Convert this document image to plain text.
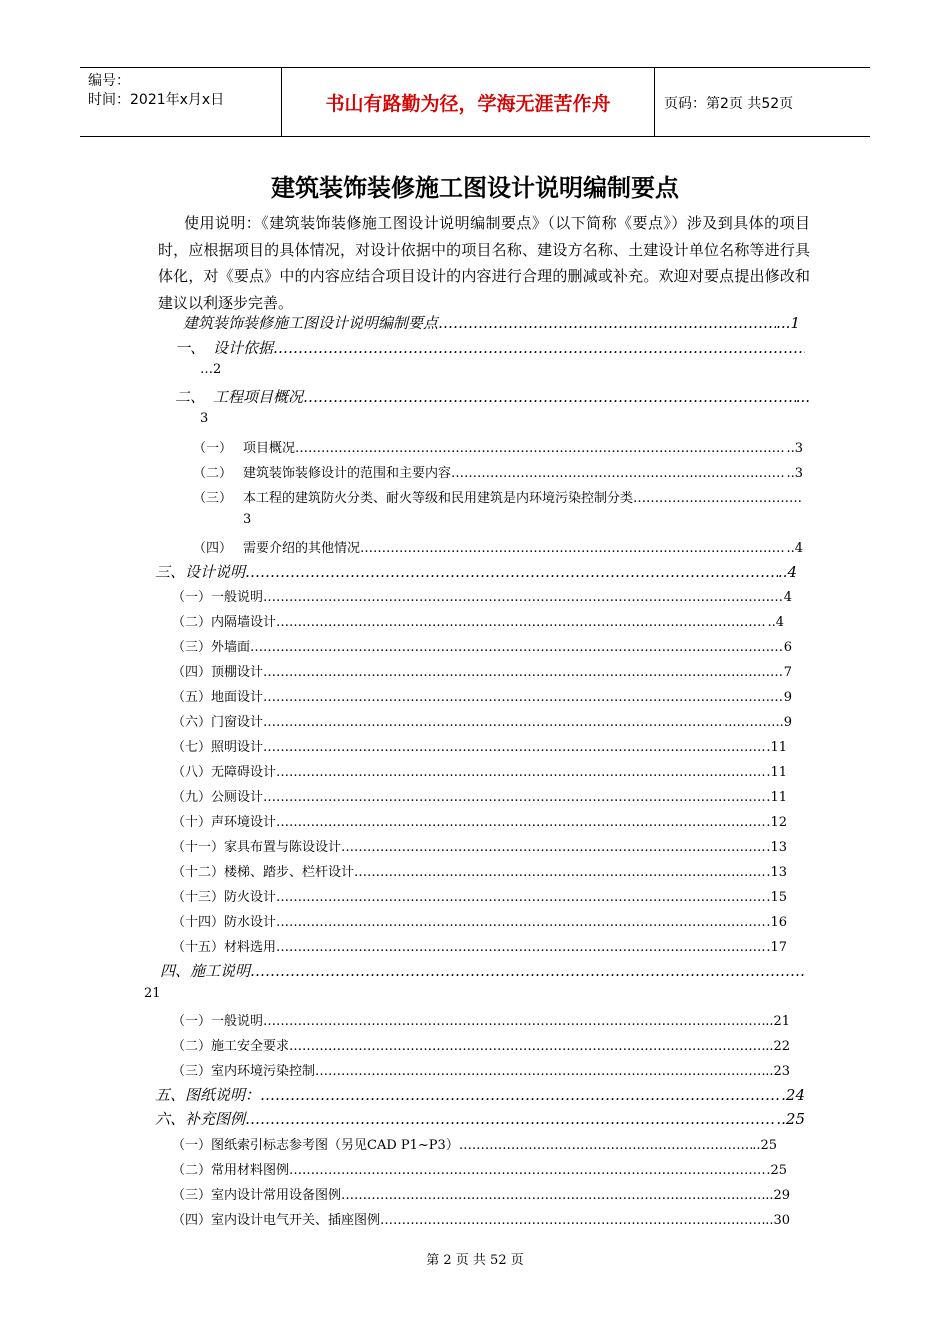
编号：
时间：2021年x月x日	书山有路勤为径，学海无涯苦作舟	页码：第2页 共52页
建筑装饰装修施工图设计说明编制要点
使用说明：《建筑装饰装修施工图设计说明编制要点》（以下简称《要点》）涉及到具体的项目时，应根据项目的具体情况，对设计依据中的项目名称、建设方名称、土建设计单位名称等进行具体化，对《要点》中的内容应结合项目设计的内容进行合理的删减或补充。欢迎对要点提出修改和建议以利逐步完善。
建筑装饰装修施工图设计说明编制要点 ………………………………………………………………………………………………………………………………………………………………………………………………………………………………………………	...1
一、 设计依据
………………………………………………………………………………………………………………………………………………………………………………………………………………………………………………
…2
二、 工程项目概况 ………………………………………………………………………………………………………………………………………………………………………………………………………………………………………………	...
3
（一） 项目概况 ………………………………………………………………………………………………………………………………………………………………………………………………………………………………………………	..3
（二） 建筑装饰装修设计的范围和主要内容 ………………………………………………………………………………………………………………………………………………………………………………………………………………………………………………	..3
（三） 本工程的建筑防火分类、耐火等级和民用建筑是内环境污染控制分类
………………………………………………………………………………………………………………………………………………………………………………………………………………………………………………
3
（四） 需要介绍的其他情况 ………………………………………………………………………………………………………………………………………………………………………………………………………………………………………………	..4
三、设计说明 ………………………………………………………………………………………………………………………………………………………………………………………………………………………………………………	..4
（一）一般说明 ………………………………………………………………………………………………………………………………………………………………………………………………………………………………………………	4
（二）内隔墙设计 ………………………………………………………………………………………………………………………………………………………………………………………………………………………………………………	..4
（三）外墙面 ………………………………………………………………………………………………………………………………………………………………………………………………………………………………………………	6
（四）顶棚设计 ………………………………………………………………………………………………………………………………………………………………………………………………………………………………………………	7
（五）地面设计 ………………………………………………………………………………………………………………………………………………………………………………………………………………………………………………	9
（六）门窗设计 ………………………………………………………………………………………………………………………………………………………………………………………………………………………………………………	...………..9
（七）照明设计 ………………………………………………………………………………………………………………………………………………………………………………………………………………………………………………	.11
（八）无障碍设计 ………………………………………………………………………………………………………………………………………………………………………………………………………………………………………………	.11
（九）公厕设计 ………………………………………………………………………………………………………………………………………………………………………………………………………………………………………………	.11
（十）声环境设计 ………………………………………………………………………………………………………………………………………………………………………………………………………………………………………………	.12
（十一）家具布置与陈设设计 ………………………………………………………………………………………………………………………………………………………………………………………………………………………………………………	.13
（十二）楼梯、踏步、栏杆设计 ………………………………………………………………………………………………………………………………………………………………………………………………………………………………………………	.13
（十三）防火设计 ………………………………………………………………………………………………………………………………………………………………………………………………………………………………………………	.15
（十四）防水设计 ………………………………………………………………………………………………………………………………………………………………………………………………………………………………………………	.16
（十五）材料选用 ………………………………………………………………………………………………………………………………………………………………………………………………………………………………………………	.17
四、施工说明
………………………………………………………………………………………………………………………………………………………………………………………………………………………………………………
21
（一）一般说明 ………………………………………………………………………………………………………………………………………………………………………………………………………………………………………………	..21
（二）施工安全要求 ………………………………………………………………………………………………………………………………………………………………………………………………………………………………………………	..22
（三）室内环境污染控制 ………………………………………………………………………………………………………………………………………………………………………………………………………………………………………………	..23
五、图纸说明： ………………………………………………………………………………………………………………………………………………………………………………………………………………………………………………	.24
六、补充图例 ………………………………………………………………………………………………………………………………………………………………………………………………………………………………………………	..25
（一）图纸索引标志参考图（另见CAD P1~P3） ………………………………………………………………………………………………………………………………………………………………………………………………………………………………………………	..25
（二）常用材料图例 ………………………………………………………………………………………………………………………………………………………………………………………………………………………………………………	.25
（三）室内设计常用设备图例 ………………………………………………………………………………………………………………………………………………………………………………………………………………………………………………	..29
（四）室内设计电气开关、插座图例 ………………………………………………………………………………………………………………………………………………………………………………………………………………………………………………	..30
第 2 页 共 52 页
